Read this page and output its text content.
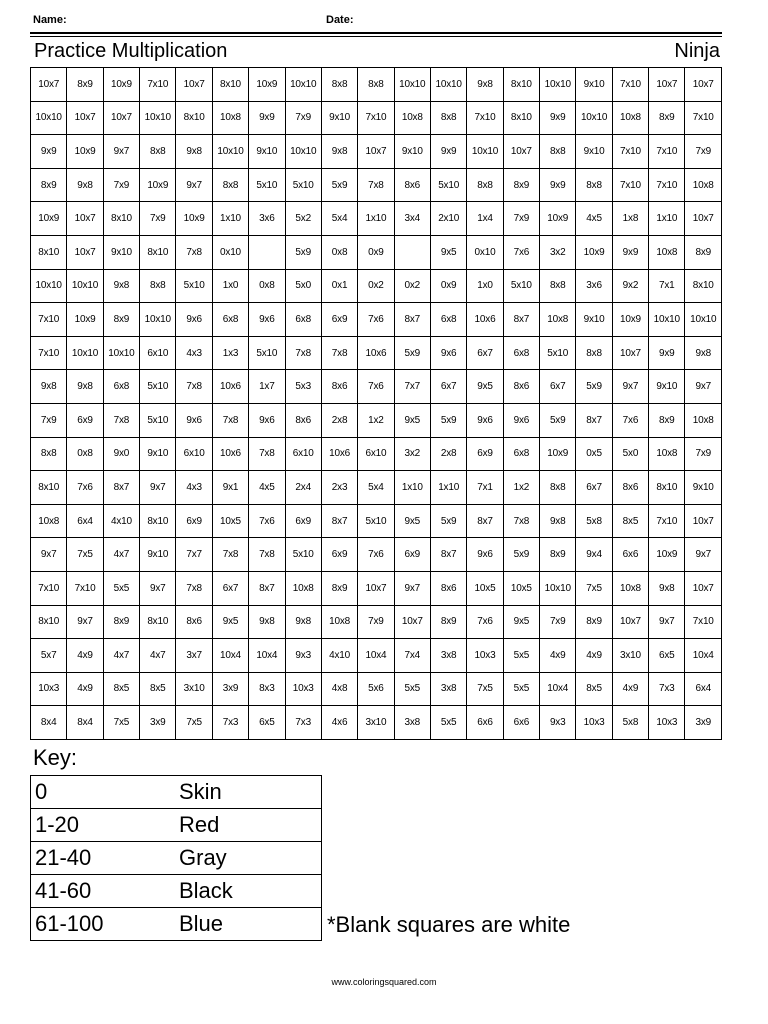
Name:	Date:
Practice Multiplication	Ninja
10x7	8x9	10x9	7x10	10x7	8x10	10x9	10x10	8x8	8x8	10x10	10x10	9x8	8x10	10x10	9x10	7x10	10x7	10x7
10x10	10x7	10x7	10x10	8x10	10x8	9x9	7x9	9x10	7x10	10x8	8x8	7x10	8x10	9x9	10x10	10x8	8x9	7x10
9x9	10x9	9x7	8x8	9x8	10x10	9x10	10x10	9x8	10x7	9x10	9x9	10x10	10x7	8x8	9x10	7x10	7x10	7x9
8x9	9x8	7x9	10x9	9x7	8x8	5x10	5x10	5x9	7x8	8x6	5x10	8x8	8x9	9x9	8x8	7x10	7x10	10x8
10x9	10x7	8x10	7x9	10x9	1x10	3x6	5x2	5x4	1x10	3x4	2x10	1x4	7x9	10x9	4x5	1x8	1x10	10x7
8x10	10x7	9x10	8x10	7x8	0x10		5x9	0x8	0x9		9x5	0x10	7x6	3x2	10x9	9x9	10x8	8x9
10x10	10x10	9x8	8x8	5x10	1x0	0x8	5x0	0x1	0x2	0x2	0x9	1x0	5x10	8x8	3x6	9x2	7x1	8x10
7x10	10x9	8x9	10x10	9x6	6x8	9x6	6x8	6x9	7x6	8x7	6x8	10x6	8x7	10x8	9x10	10x9	10x10	10x10
7x10	10x10	10x10	6x10	4x3	1x3	5x10	7x8	7x8	10x6	5x9	9x6	6x7	6x8	5x10	8x8	10x7	9x9	9x8
9x8	9x8	6x8	5x10	7x8	10x6	1x7	5x3	8x6	7x6	7x7	6x7	9x5	8x6	6x7	5x9	9x7	9x10	9x7
7x9	6x9	7x8	5x10	9x6	7x8	9x6	8x6	2x8	1x2	9x5	5x9	9x6	9x6	5x9	8x7	7x6	8x9	10x8
8x8	0x8	9x0	9x10	6x10	10x6	7x8	6x10	10x6	6x10	3x2	2x8	6x9	6x8	10x9	0x5	5x0	10x8	7x9
8x10	7x6	8x7	9x7	4x3	9x1	4x5	2x4	2x3	5x4	1x10	1x10	7x1	1x2	8x8	6x7	8x6	8x10	9x10
10x8	6x4	4x10	8x10	6x9	10x5	7x6	6x9	8x7	5x10	9x5	5x9	8x7	7x8	9x8	5x8	8x5	7x10	10x7
9x7	7x5	4x7	9x10	7x7	7x8	7x8	5x10	6x9	7x6	6x9	8x7	9x6	5x9	8x9	9x4	6x6	10x9	9x7
7x10	7x10	5x5	9x7	7x8	6x7	8x7	10x8	8x9	10x7	9x7	8x6	10x5	10x5	10x10	7x5	10x8	9x8	10x7
8x10	9x7	8x9	8x10	8x6	9x5	9x8	9x8	10x8	7x9	10x7	8x9	7x6	9x5	7x9	8x9	10x7	9x7	7x10
5x7	4x9	4x7	4x7	3x7	10x4	10x4	9x3	4x10	10x4	7x4	3x8	10x3	5x5	4x9	4x9	3x10	6x5	10x4
10x3	4x9	8x5	8x5	3x10	3x9	8x3	10x3	4x8	5x6	5x5	3x8	7x5	5x5	10x4	8x5	4x9	7x3	6x4
8x4	8x4	7x5	3x9	7x5	7x3	6x5	7x3	4x6	3x10	3x8	5x5	6x6	6x6	9x3	10x3	5x8	10x3	3x9
Key:
0	Skin
1-20	Red
21-40	Gray
41-60	Black
61-100	Blue	*Blank squares are white
www.coloringsquared.com
